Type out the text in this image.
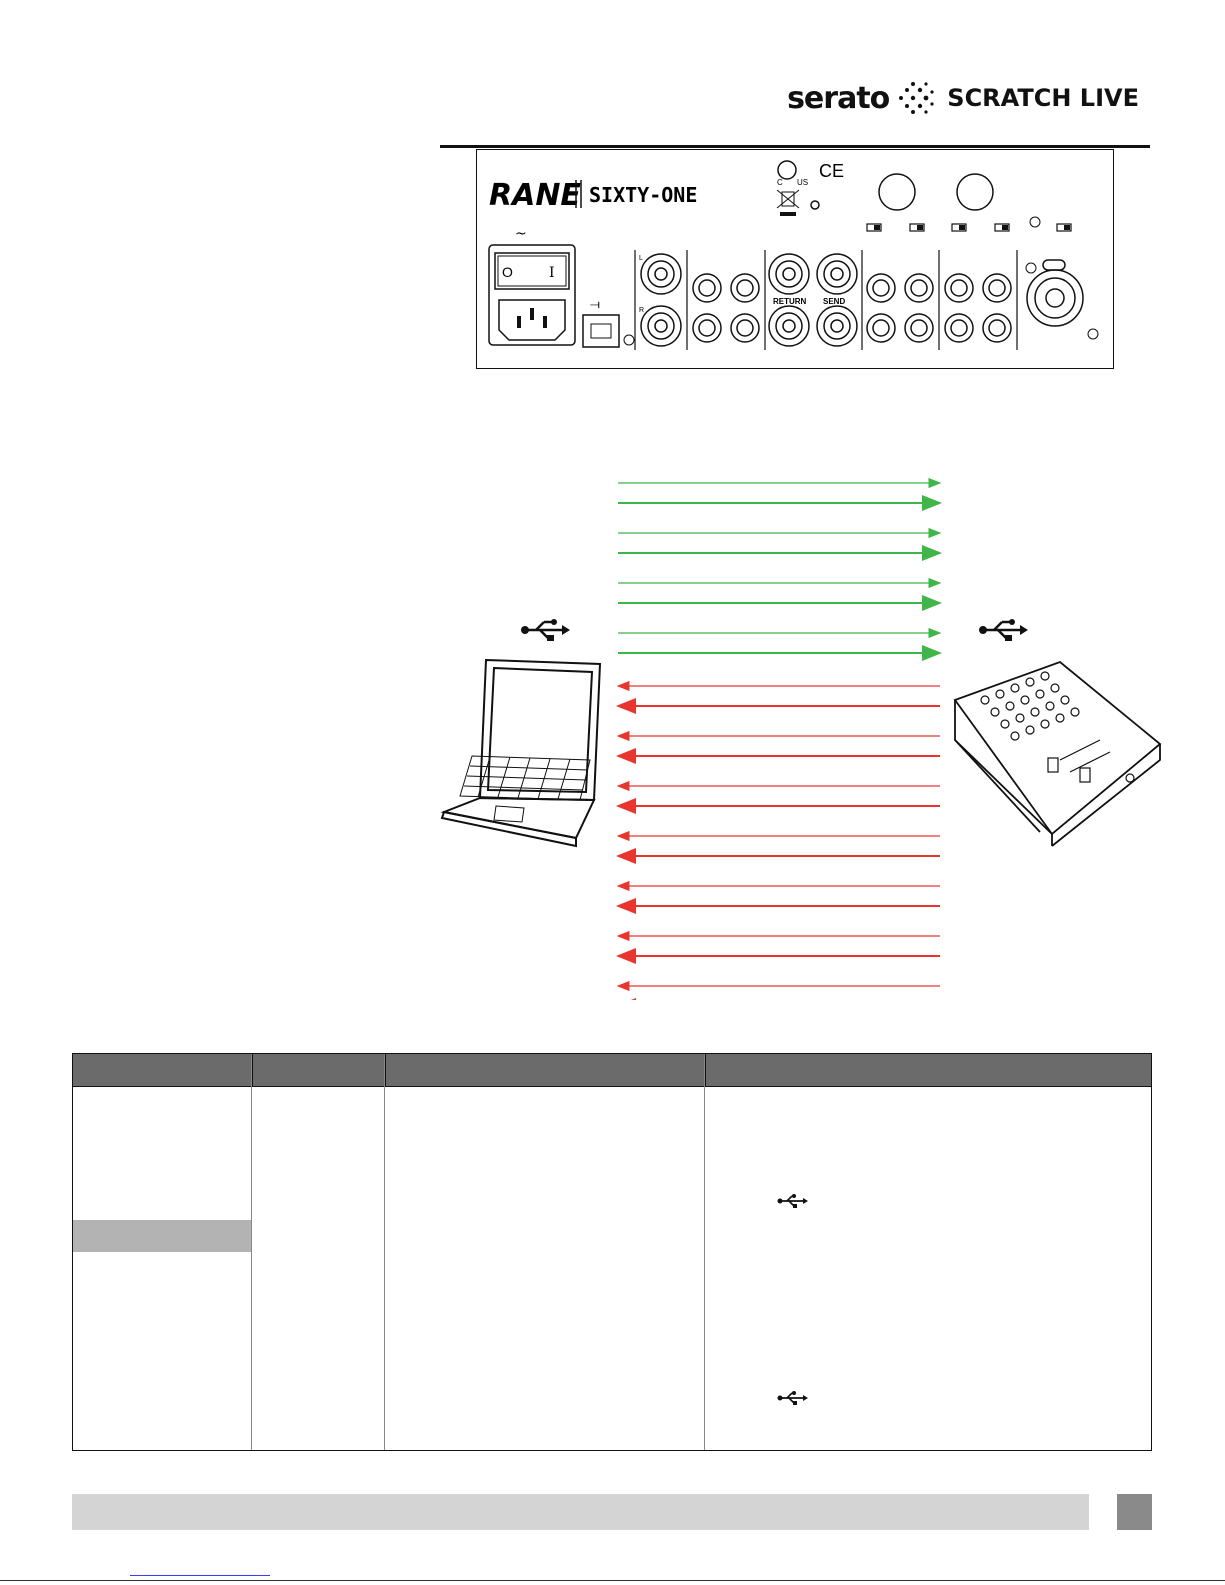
serato SCRATCH LIVE
RANE SIXTY-ONE
~
C US
CE
O	I
⟞
L
R
RETURN SEND
